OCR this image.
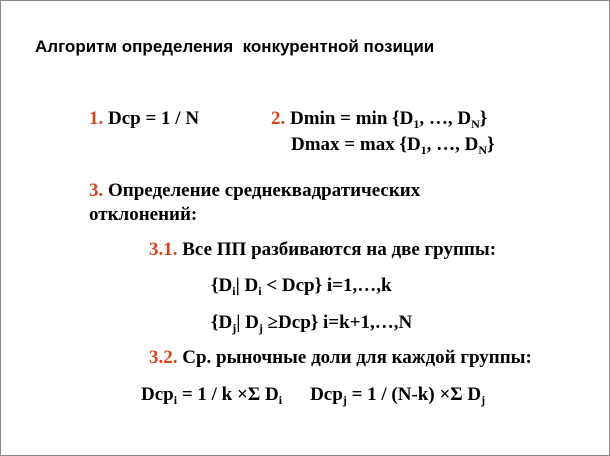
Алгоритм определения  конкурентной позиции
1. Dср = 1 / N	2. $Dmin = \min \{D_1$, …, $D_N$}
$Dmax = \max \{D_1$, …, $D_N$}
3. Определение среднеквадратических
отклонений:
3.1. Все ПП разбиваются на две группы:
{$D_i|$ $D_i < Dср$} i=1,…,k
{$D_j|$ $D_j \ge Dср$} i=k+1,…,N
3.2. Ср. рыночные доли для каждой группы:
Dср$_i$ = 1 / k ×Σ $D_i$ Dср$_j$ = 1 / (N-k) ×Σ $D_j$
